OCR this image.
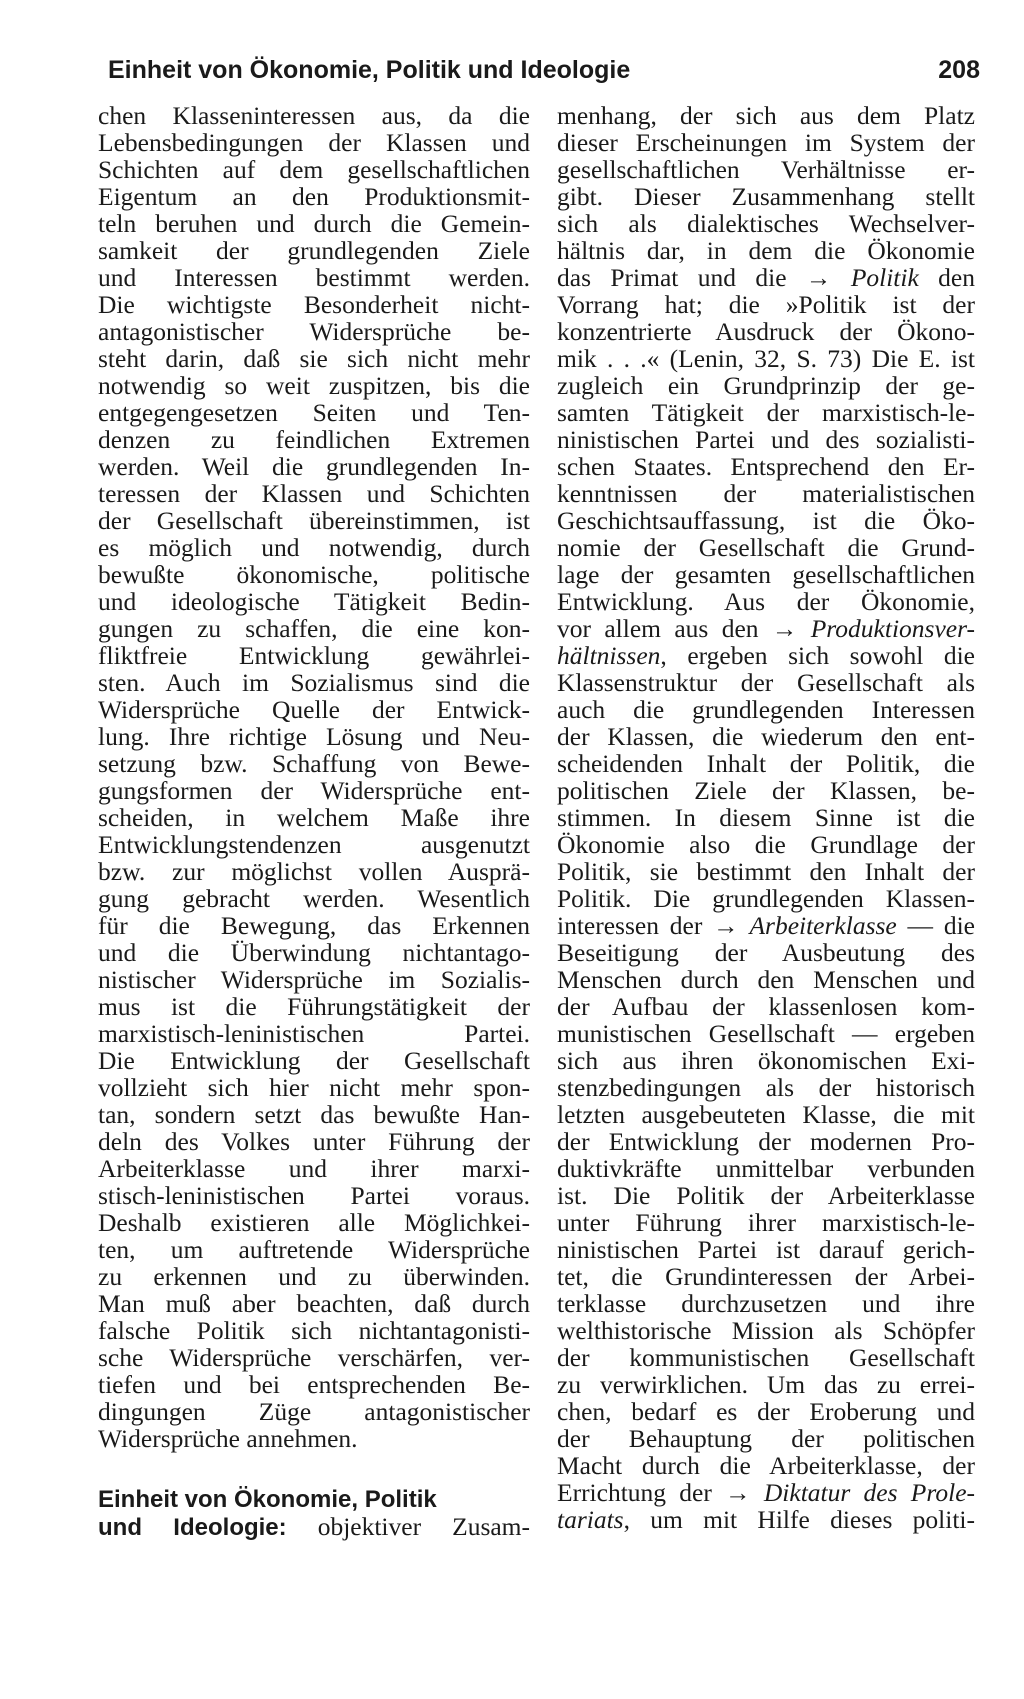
Einheit von Ökonomie, Politik und Ideologie	208
chen Klasseninteressen aus, da die
Lebensbedingungen der Klassen und
Schichten auf dem gesellschaftlichen
Eigentum an den Produktionsmit-
teln beruhen und durch die Gemein-
samkeit der grundlegenden Ziele
und Interessen bestimmt werden.
Die wichtigste Besonderheit nicht-
antagonistischer Widersprüche be-
steht darin, daß sie sich nicht mehr
notwendig so weit zuspitzen, bis die
entgegengesetzen Seiten und Ten-
denzen zu feindlichen Extremen
werden. Weil die grundlegenden In-
teressen der Klassen und Schichten
der Gesellschaft übereinstimmen, ist
es möglich und notwendig, durch
bewußte ökonomische, politische
und ideologische Tätigkeit Bedin-
gungen zu schaffen, die eine kon-
fliktfreie Entwicklung gewährlei-
sten. Auch im Sozialismus sind die
Widersprüche Quelle der Entwick-
lung. Ihre richtige Lösung und Neu-
setzung bzw. Schaffung von Bewe-
gungsformen der Widersprüche ent-
scheiden, in welchem Maße ihre
Entwicklungstendenzen ausgenutzt
bzw. zur möglichst vollen Ausprä-
gung gebracht werden. Wesentlich
für die Bewegung, das Erkennen
und die Überwindung nichtantago-
nistischer Widersprüche im Sozialis-
mus ist die Führungstätigkeit der
marxistisch-leninistischen Partei.
Die Entwicklung der Gesellschaft
vollzieht sich hier nicht mehr spon-
tan, sondern setzt das bewußte Han-
deln des Volkes unter Führung der
Arbeiterklasse und ihrer marxi-
stisch-leninistischen Partei voraus.
Deshalb existieren alle Möglichkei-
ten, um auftretende Widersprüche
zu erkennen und zu überwinden.
Man muß aber beachten, daß durch
falsche Politik sich nichtantagonisti-
sche Widersprüche verschärfen, ver-
tiefen und bei entsprechenden Be-
dingungen Züge antagonistischer
Widersprüche annehmen.
Einheit von Ökonomie, Politik
und Ideologie: objektiver Zusam-
menhang, der sich aus dem Platz
dieser Erscheinungen im System der
gesellschaftlichen Verhältnisse er-
gibt. Dieser Zusammenhang stellt
sich als dialektisches Wechselver-
hältnis dar, in dem die Ökonomie
das Primat und die → Politik den
Vorrang hat; die »Politik ist der
konzentrierte Ausdruck der Ökono-
mik . . .« (Lenin, 32, S. 73) Die E. ist
zugleich ein Grundprinzip der ge-
samten Tätigkeit der marxistisch-le-
ninistischen Partei und des sozialisti-
schen Staates. Entsprechend den Er-
kenntnissen der materialistischen
Geschichtsauffassung, ist die Öko-
nomie der Gesellschaft die Grund-
lage der gesamten gesellschaftlichen
Entwicklung. Aus der Ökonomie,
vor allem aus den → Produktionsver-
hältnissen, ergeben sich sowohl die
Klassenstruktur der Gesellschaft als
auch die grundlegenden Interessen
der Klassen, die wiederum den ent-
scheidenden Inhalt der Politik, die
politischen Ziele der Klassen, be-
stimmen. In diesem Sinne ist die
Ökonomie also die Grundlage der
Politik, sie bestimmt den Inhalt der
Politik. Die grundlegenden Klassen-
interessen der → Arbeiterklasse — die
Beseitigung der Ausbeutung des
Menschen durch den Menschen und
der Aufbau der klassenlosen kom-
munistischen Gesellschaft — ergeben
sich aus ihren ökonomischen Exi-
stenzbedingungen als der historisch
letzten ausgebeuteten Klasse, die mit
der Entwicklung der modernen Pro-
duktivkräfte unmittelbar verbunden
ist. Die Politik der Arbeiterklasse
unter Führung ihrer marxistisch-le-
ninistischen Partei ist darauf gerich-
tet, die Grundinteressen der Arbei-
terklasse durchzusetzen und ihre
welthistorische Mission als Schöpfer
der kommunistischen Gesellschaft
zu verwirklichen. Um das zu errei-
chen, bedarf es der Eroberung und
der Behauptung der politischen
Macht durch die Arbeiterklasse, der
Errichtung der → Diktatur des Prole-
tariats, um mit Hilfe dieses politi-
